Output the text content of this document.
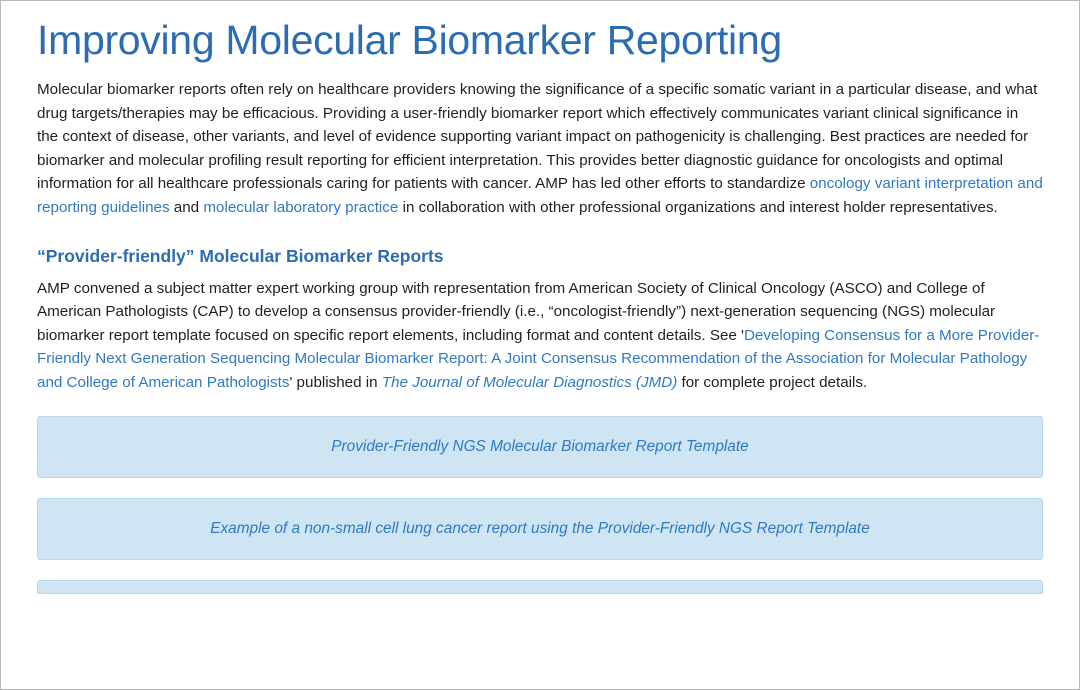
Improving Molecular Biomarker Reporting

Molecular biomarker reports often rely on healthcare providers knowing the significance of a specific somatic variant in a particular disease, and what drug targets/therapies may be efficacious. Providing a user-friendly biomarker report which effectively communicates variant clinical significance in the context of disease, other variants, and level of evidence supporting variant impact on pathogenicity is challenging. Best practices are needed for biomarker and molecular profiling result reporting for efficient interpretation. This provides better diagnostic guidance for oncologists and optimal information for all healthcare professionals caring for patients with cancer. AMP has led other efforts to standardize oncology variant interpretation and reporting guidelines and molecular laboratory practice in collaboration with other professional organizations and interest holder representatives.

“Provider-friendly” Molecular Biomarker Reports

AMP convened a subject matter expert working group with representation from American Society of Clinical Oncology (ASCO) and College of American Pathologists (CAP) to develop a consensus provider-friendly (i.e., “oncologist-friendly”) next-generation sequencing (NGS) molecular biomarker report template focused on specific report elements, including format and content details. See 'Developing Consensus for a More Provider-Friendly Next Generation Sequencing Molecular Biomarker Report: A Joint Consensus Recommendation of the Association for Molecular Pathology and College of American Pathologists' published in The Journal of Molecular Diagnostics (JMD) for complete project details.

Provider-Friendly NGS Molecular Biomarker Report Template
Example of a non-small cell lung cancer report using the Provider-Friendly NGS Report Template
